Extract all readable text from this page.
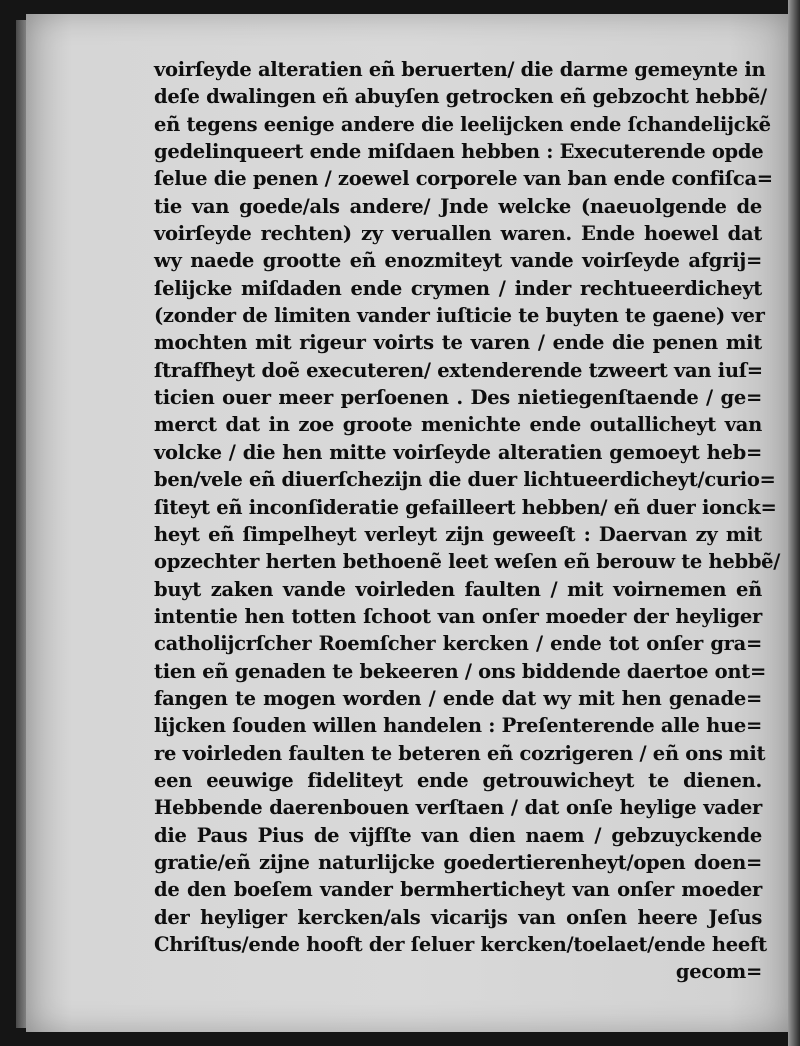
voirſeyde alteratien eñ beruerten/ die darme gemeynte in
deſe dwalingen eñ abuyſen getrocken eñ gebzocht hebbẽ/
eñ tegens eenige andere die leelijcken ende ſchandelijckẽ
gedelinqueert ende miſdaen hebben : Executerende opde
ſelue die penen / zoewel corporele van ban ende confiſca=
tie van goede/als andere/ Jnde welcke (naeuolgende de
voirſeyde rechten) zy veruallen waren. Ende hoewel dat
wy naede grootte eñ enozmiteyt vande voirſeyde afgrij=
ſelijcke miſdaden ende crymen / inder rechtueerdicheyt
(zonder de limiten vander iuſticie te buyten te gaene) ver
mochten mit rigeur voirts te varen / ende die penen mit
ſtraffheyt doẽ executeren/ extenderende tzweert van iuſ=
ticien ouer meer perſoenen . Des nietiegenſtaende / ge=
merct dat in zoe groote menichte ende outallicheyt van
volcke / die hen mitte voirſeyde alteratien gemoeyt heb=
ben/vele eñ diuerſchezijn die duer lichtueerdicheyt/curio=
ſiteyt eñ inconſideratie gefailleert hebben/ eñ duer ionck=
heyt eñ ſimpelheyt verleyt zijn geweeſt : Daervan zy mit
opzechter herten bethoenẽ leet weſen eñ berouw te hebbẽ/
buyt zaken vande voirleden faulten / mit voirnemen eñ
intentie hen totten ſchoot van onſer moeder der heyliger
catholijcrſcher Roemſcher kercken / ende tot onſer gra=
tien eñ genaden te bekeeren / ons biddende daertoe ont=
fangen te mogen worden / ende dat wy mit hen genade=
lijcken ſouden willen handelen : Preſenterende alle hue=
re voirleden faulten te beteren eñ cozrigeren / eñ ons mit
een eeuwige fideliteyt ende getrouwicheyt te dienen.
Hebbende daerenbouen verſtaen / dat onſe heylige vader
die Paus Pius de vijfſte van dien naem / gebzuyckende
gratie/eñ zijne naturlijcke goedertierenheyt/open doen=
de den boeſem vander bermherticheyt van onſer moeder
der heyliger kercken/als vicarijs van onſen heere Jeſus
Chriſtus/ende hooft der ſeluer kercken/toelaet/ende heeft
gecom=
